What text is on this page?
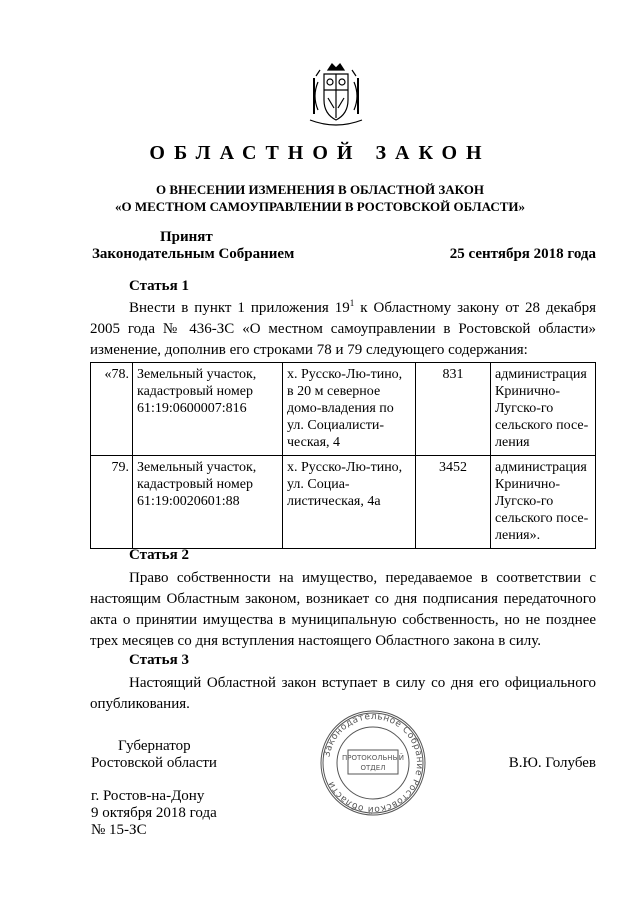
ОБЛАСТНОЙ ЗАКОН
О ВНЕСЕНИИ ИЗМЕНЕНИЯ В ОБЛАСТНОЙ ЗАКОН
«О МЕСТНОМ САМОУПРАВЛЕНИИ В РОСТОВСКОЙ ОБЛАСТИ»
Принят
Законодательным Собранием	25 сентября 2018 года
Статья 1
Внести в пункт 1 приложения $19^1$ к Областному закону от 28 декабря 2005 года № 436-ЗС «О местном самоуправлении в Ростовской области» изменение, дополнив его строками 78 и 79 следующего содержания:
«78.	Земельный участок, кадастровый номер 61:19:0600007:816	х. Русско-Лю-тино, в 20 м северное домо-владения по ул. Социалисти-ческая, 4	831	администрация Кринично-Лугско-го сельского посе-ления
79.	Земельный участок, кадастровый номер 61:19:0020601:88	х. Русско-Лю-тино, ул. Социа-листическая, 4а	3452	администрация Кринично-Лугско-го сельского посе-ления».
Статья 2
Право собственности на имущество, передаваемое в соответствии с настоящим Областным законом, возникает со дня подписания передаточного акта о принятии имущества в муниципальную собственность, но не позднее трех месяцев со дня вступления настоящего Областного закона в силу.
Статья 3
Настоящий Областной закон вступает в силу со дня его официального опубликования.
Губернатор
Ростовской области	В.Ю. Голубев
Законодательное Собрание Ростовской области
ПРОТОКОЛЬНЫЙ
ОТДЕЛ
г. Ростов-на-Дону
9 октября 2018 года
№ 15-ЗС
